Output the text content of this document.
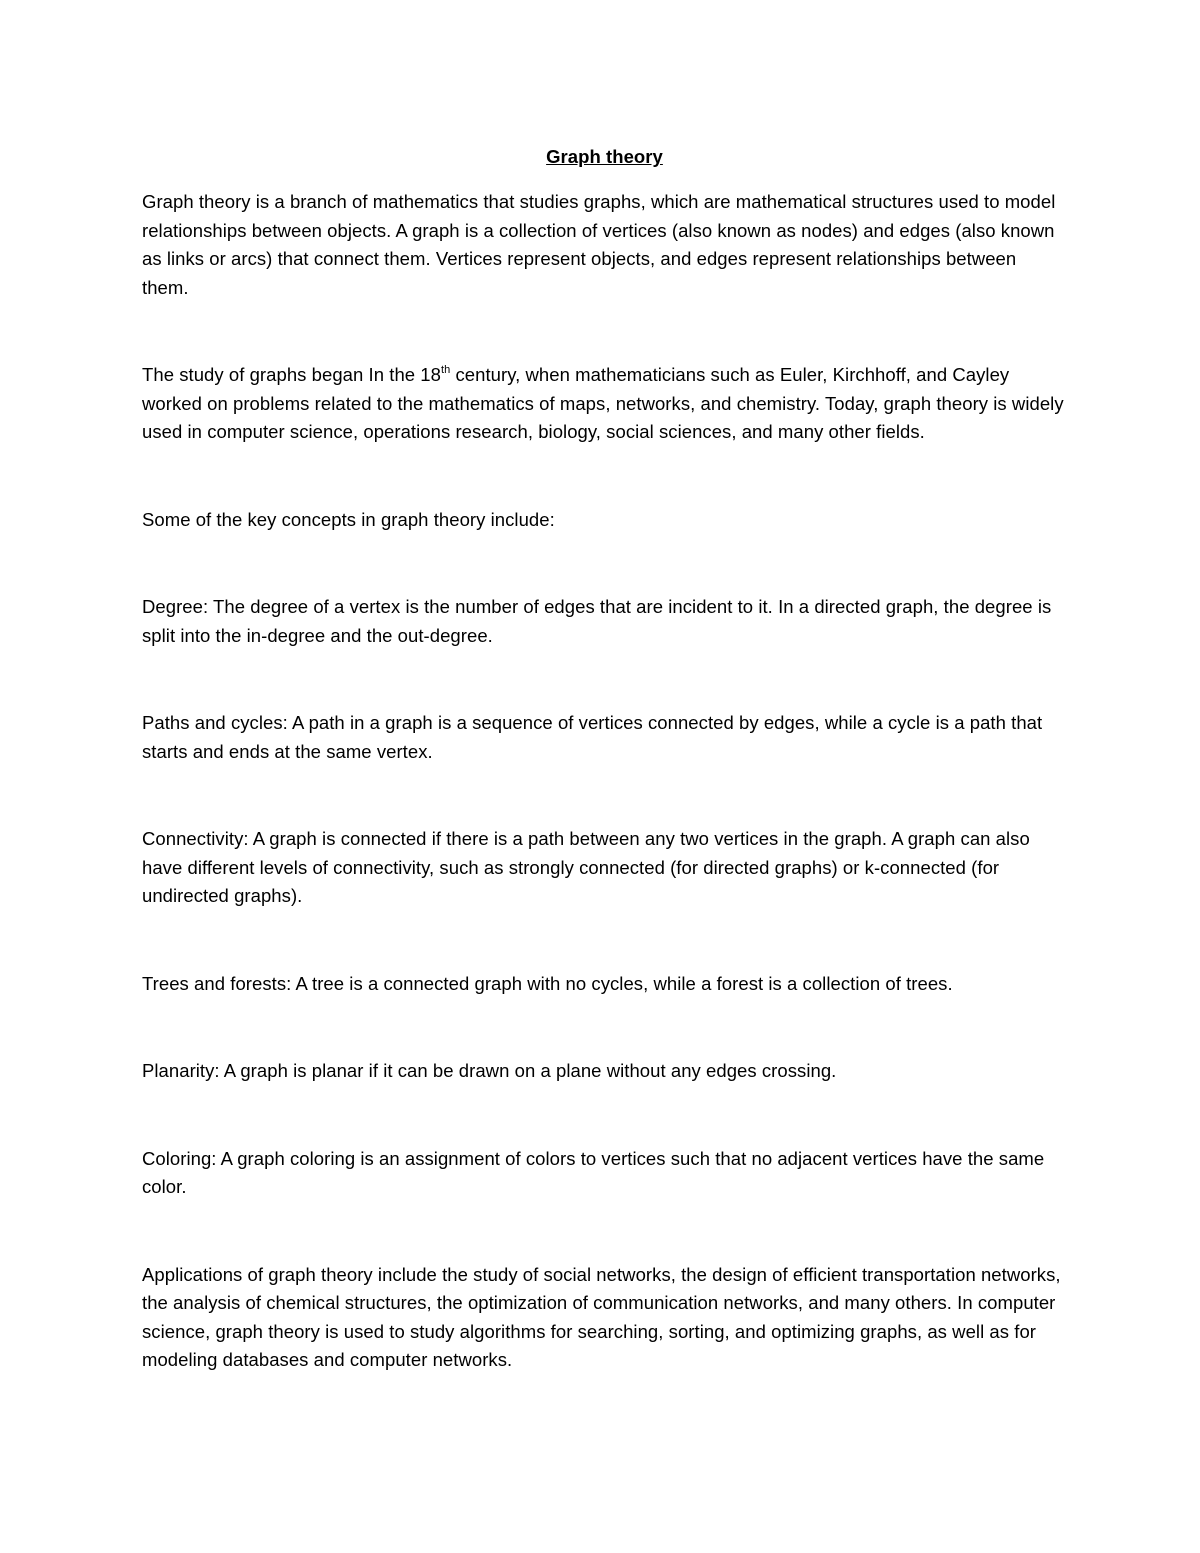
Graph theory

Graph theory is a branch of mathematics that studies graphs, which are mathematical structures used to model relationships between objects. A graph is a collection of vertices (also known as nodes) and edges (also known as links or arcs) that connect them. Vertices represent objects, and edges represent relationships between them.

The study of graphs began In the 18th century, when mathematicians such as Euler, Kirchhoff, and Cayley worked on problems related to the mathematics of maps, networks, and chemistry. Today, graph theory is widely used in computer science, operations research, biology, social sciences, and many other fields.

Some of the key concepts in graph theory include:

Degree: The degree of a vertex is the number of edges that are incident to it. In a directed graph, the degree is split into the in-degree and the out-degree.

Paths and cycles: A path in a graph is a sequence of vertices connected by edges, while a cycle is a path that starts and ends at the same vertex.

Connectivity: A graph is connected if there is a path between any two vertices in the graph. A graph can also have different levels of connectivity, such as strongly connected (for directed graphs) or k-connected (for undirected graphs).

Trees and forests: A tree is a connected graph with no cycles, while a forest is a collection of trees.

Planarity: A graph is planar if it can be drawn on a plane without any edges crossing.

Coloring: A graph coloring is an assignment of colors to vertices such that no adjacent vertices have the same color.

Applications of graph theory include the study of social networks, the design of efficient transportation networks, the analysis of chemical structures, the optimization of communication networks, and many others. In computer science, graph theory is used to study algorithms for searching, sorting, and optimizing graphs, as well as for modeling databases and computer networks.
